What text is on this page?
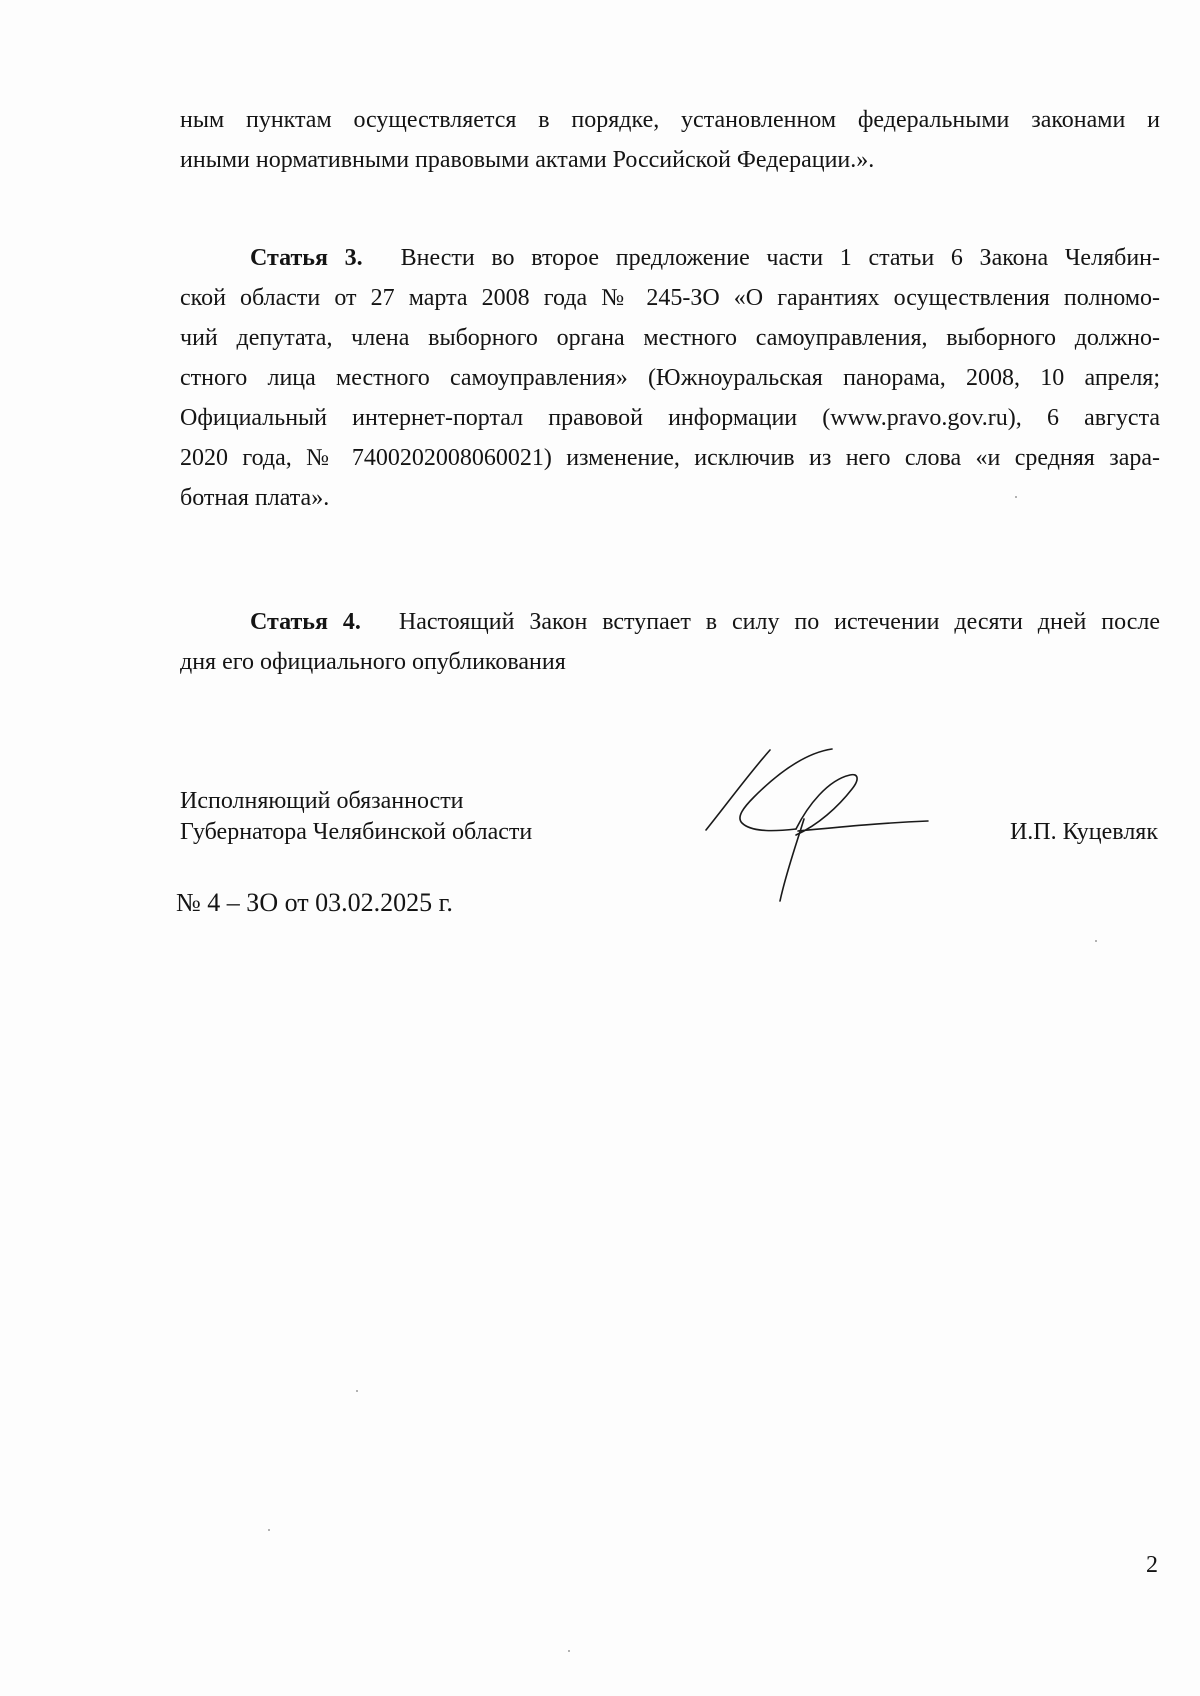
ным пунктам осуществляется в порядке, установленном федеральными законами и
иными нормативными правовыми актами Российской Федерации.».
Статья 3. Внести во второе предложение части 1 статьи 6 Закона Челябин-
ской области от 27 марта 2008 года № 245-ЗО «О гарантиях осуществления полномо-
чий депутата, члена выборного органа местного самоуправления, выборного должно-
стного лица местного самоуправления» (Южноуральская панорама, 2008, 10 апреля;
Официальный интернет-портал правовой информации (www.pravo.gov.ru), 6 августа
2020 года, № 7400202008060021) изменение, исключив из него слова «и средняя зара-
ботная плата».
Статья 4. Настоящий Закон вступает в силу по истечении десяти дней после
дня его официального опубликования
Исполняющий обязанности
Губернатора Челябинской области	И.П. Куцевляк
№ 4 – ЗО от 03.02.2025 г.
2
